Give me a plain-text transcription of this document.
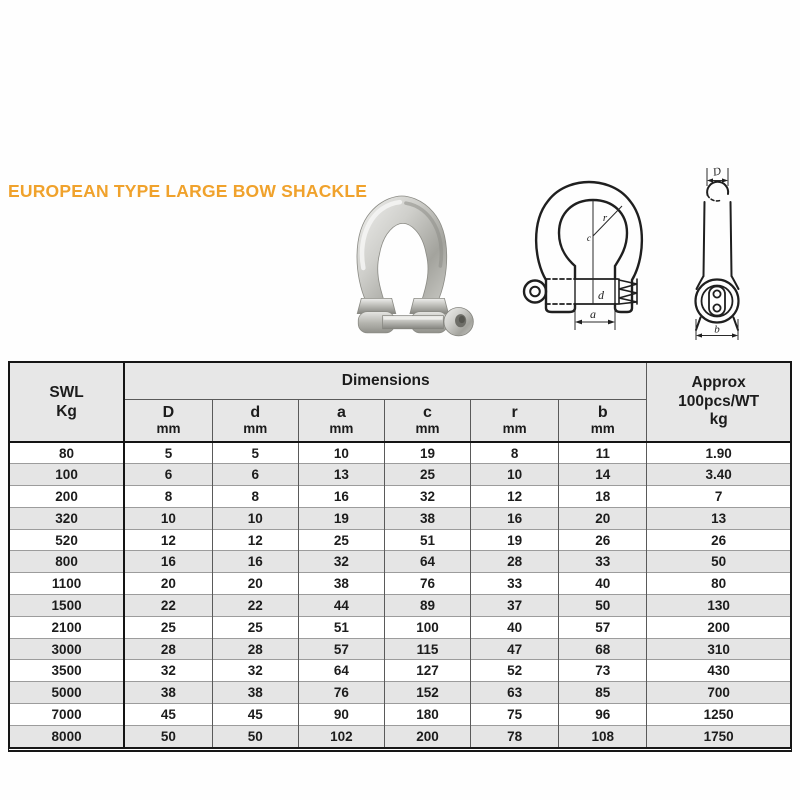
EUROPEAN TYPE LARGE BOW SHACKLE
r
c
d
a
D
b
SWL
Kg
	Dimensions	Approx
100pcs/WT
kg

D
mm

d
mm

a
mm

c
mm

r
mm

b
mm

80	5	5	10	19	8	11	1.90
100	6	6	13	25	10	14	3.40
200	8	8	16	32	12	18	7
320	10	10	19	38	16	20	13
520	12	12	25	51	19	26	26
800	16	16	32	64	28	33	50
1100	20	20	38	76	33	40	80
1500	22	22	44	89	37	50	130
2100	25	25	51	100	40	57	200
3000	28	28	57	115	47	68	310
3500	32	32	64	127	52	73	430
5000	38	38	76	152	63	85	700
7000	45	45	90	180	75	96	1250
8000	50	50	102	200	78	108	1750
